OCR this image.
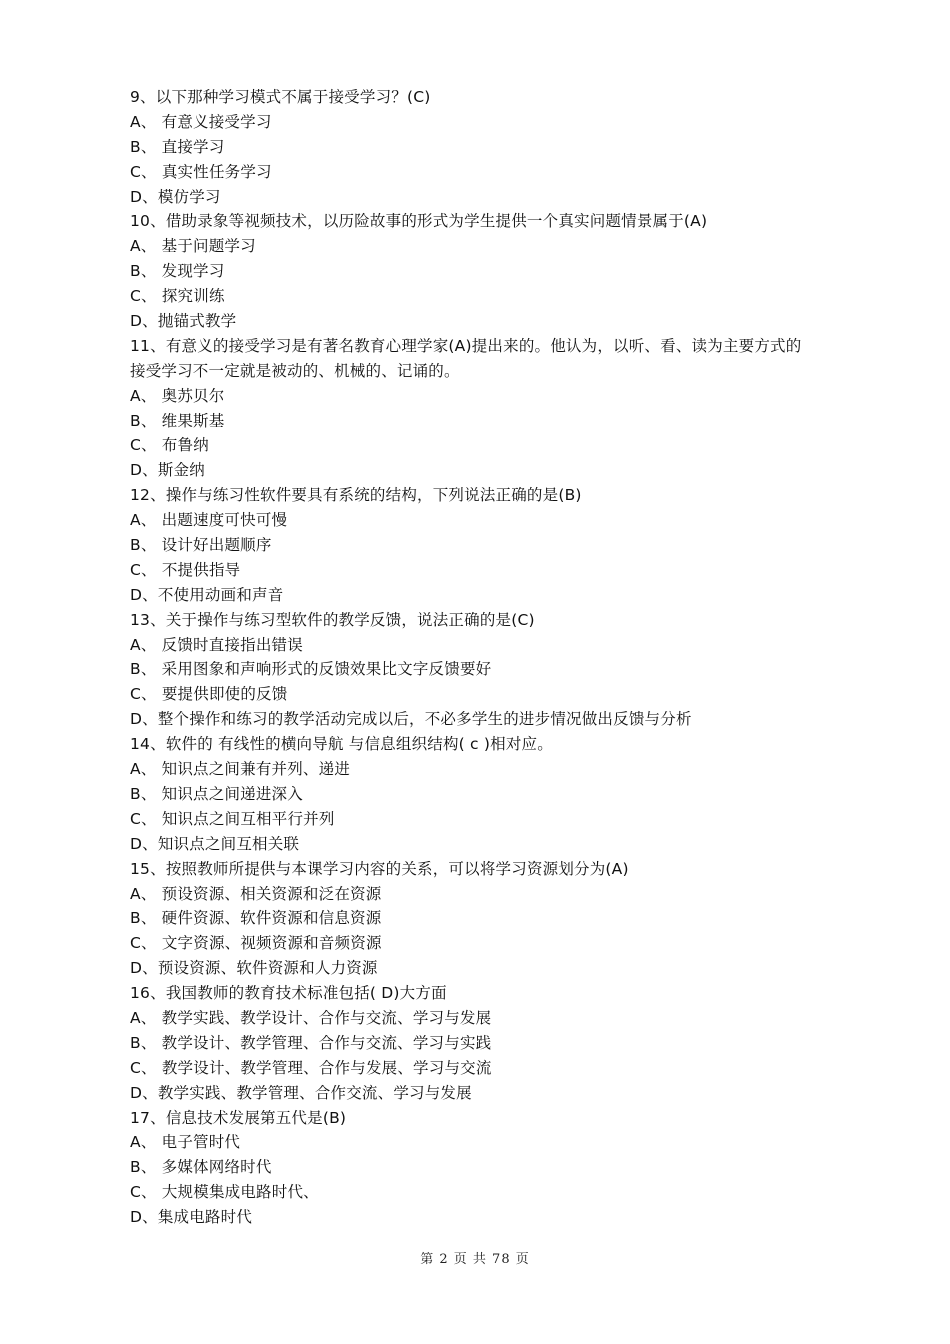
9、以下那种学习模式不属于接受学习？(C)
A、 有意义接受学习
B、 直接学习
C、 真实性任务学习
D、模仿学习
10、借助录象等视频技术，以历险故事的形式为学生提供一个真实问题情景属于(A)
A、 基于问题学习
B、 发现学习
C、 探究训练
D、抛锚式教学
11、有意义的接受学习是有著名教育心理学家(A)提出来的。他认为，以听、看、读为主要方式的
接受学习不一定就是被动的、机械的、记诵的。
A、 奥苏贝尔
B、 维果斯基
C、 布鲁纳
D、斯金纳
12、操作与练习性软件要具有系统的结构，下列说法正确的是(B)
A、 出题速度可快可慢
B、 设计好出题顺序
C、 不提供指导
D、不使用动画和声音
13、关于操作与练习型软件的教学反馈，说法正确的是(C)
A、 反馈时直接指出错误
B、 采用图象和声响形式的反馈效果比文字反馈要好
C、 要提供即使的反馈
D、整个操作和练习的教学活动完成以后，不必多学生的进步情况做出反馈与分析
14、软件的 有线性的横向导航 与信息组织结构( c )相对应。
A、 知识点之间兼有并列、递进
B、 知识点之间递进深入
C、 知识点之间互相平行并列
D、知识点之间互相关联
15、按照教师所提供与本课学习内容的关系，可以将学习资源划分为(A)
A、 预设资源、相关资源和泛在资源
B、 硬件资源、软件资源和信息资源
C、 文字资源、视频资源和音频资源
D、预设资源、软件资源和人力资源
16、我国教师的教育技术标准包括( D)大方面
A、 教学实践、教学设计、合作与交流、学习与发展
B、 教学设计、教学管理、合作与交流、学习与实践
C、 教学设计、教学管理、合作与发展、学习与交流
D、教学实践、教学管理、合作交流、学习与发展
17、信息技术发展第五代是(B)
A、 电子管时代
B、 多媒体网络时代
C、 大规模集成电路时代、
D、集成电路时代
第 2 页 共 78 页
